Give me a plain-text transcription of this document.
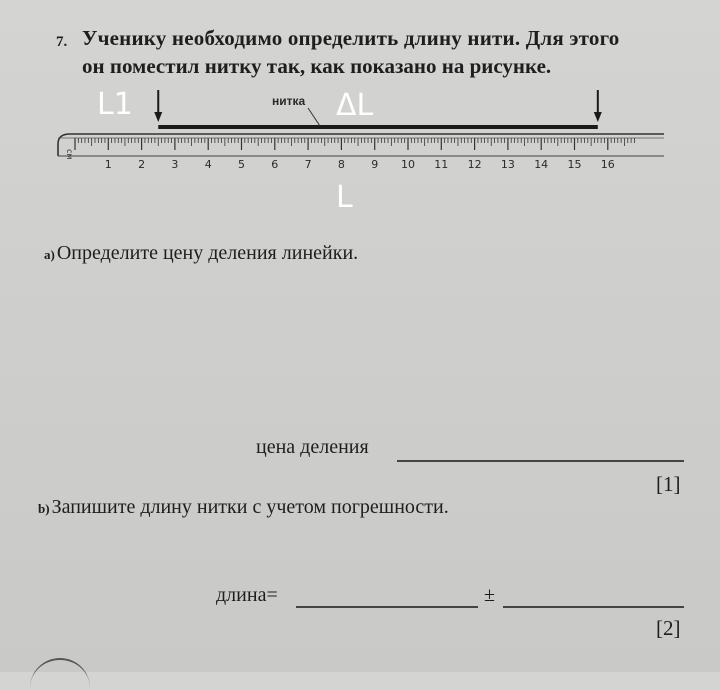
7. Ученику необходимо определить длину нити. Для этого
он поместил нитку так, как показано на рисунке.
см
1 2 3 4 5 6 7 8 9 10 11 12 13 14 15 16
нитка
L1	ΔL
L
a) Определите цену деления линейки.
цена деления
[1]
b) Запишите длину нитки с учетом погрешности.
длина=	±
[2]
